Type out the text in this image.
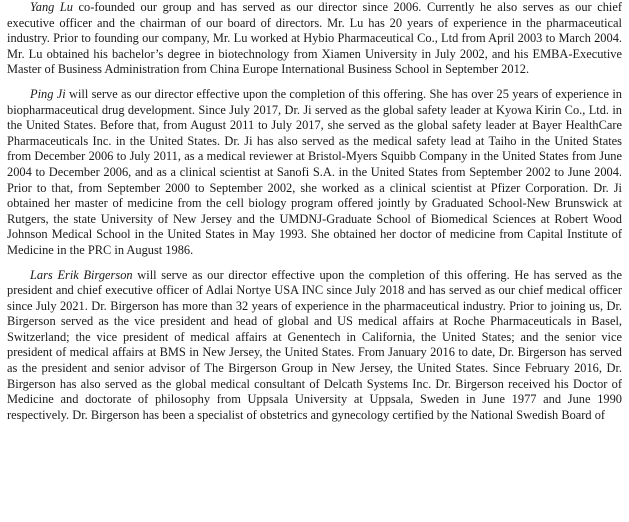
Yang Lu co-founded our group and has served as our director since 2006. Currently he also serves as our chief executive officer and the chairman of our board of directors. Mr. Lu has 20 years of experience in the pharmaceutical industry. Prior to founding our company, Mr. Lu worked at Hybio Pharmaceutical Co., Ltd from April 2003 to March 2004. Mr. Lu obtained his bachelor’s degree in biotechnology from Xiamen University in July 2002, and his EMBA-Executive Master of Business Administration from China Europe International Business School in September 2012.

Ping Ji will serve as our director effective upon the completion of this offering. She has over 25 years of experience in biopharmaceutical drug development. Since July 2017, Dr. Ji served as the global safety leader at Kyowa Kirin Co., Ltd. in the United States. Before that, from August 2011 to July 2017, she served as the global safety leader at Bayer HealthCare Pharmaceuticals Inc. in the United States. Dr. Ji has also served as the medical safety lead at Taiho in the United States from December 2006 to July 2011, as a medical reviewer at Bristol-Myers Squibb Company in the United States from June 2004 to December 2006, and as a clinical scientist at Sanofi S.A. in the United States from September 2002 to June 2004. Prior to that, from September 2000 to September 2002, she worked as a clinical scientist at Pfizer Corporation. Dr. Ji obtained her master of medicine from the cell biology program offered jointly by Graduated School-New Brunswick at Rutgers, the state University of New Jersey and the UMDNJ-Graduate School of Biomedical Sciences at Robert Wood Johnson Medical School in the United States in May 1993. She obtained her doctor of medicine from Capital Institute of Medicine in the PRC in August 1986.

Lars Erik Birgerson will serve as our director effective upon the completion of this offering. He has served as the president and chief executive officer of Adlai Nortye USA INC since July 2018 and has served as our chief medical officer since July 2021. Dr. Birgerson has more than 32 years of experience in the pharmaceutical industry. Prior to joining us, Dr. Birgerson served as the vice president and head of global and US medical affairs at Roche Pharmaceuticals in Basel, Switzerland; the vice president of medical affairs at Genentech in California, the United States; and the senior vice president of medical affairs at BMS in New Jersey, the United States. From January 2016 to date, Dr. Birgerson has served as the president and senior advisor of The Birgerson Group in New Jersey, the United States. Since February 2016, Dr. Birgerson has also served as the global medical consultant of Delcath Systems Inc. Dr. Birgerson received his Doctor of Medicine and doctorate of philosophy from Uppsala University at Uppsala, Sweden in June 1977 and June 1990 respectively. Dr. Birgerson has been a specialist of obstetrics and gynecology certified by the National Swedish Board of
